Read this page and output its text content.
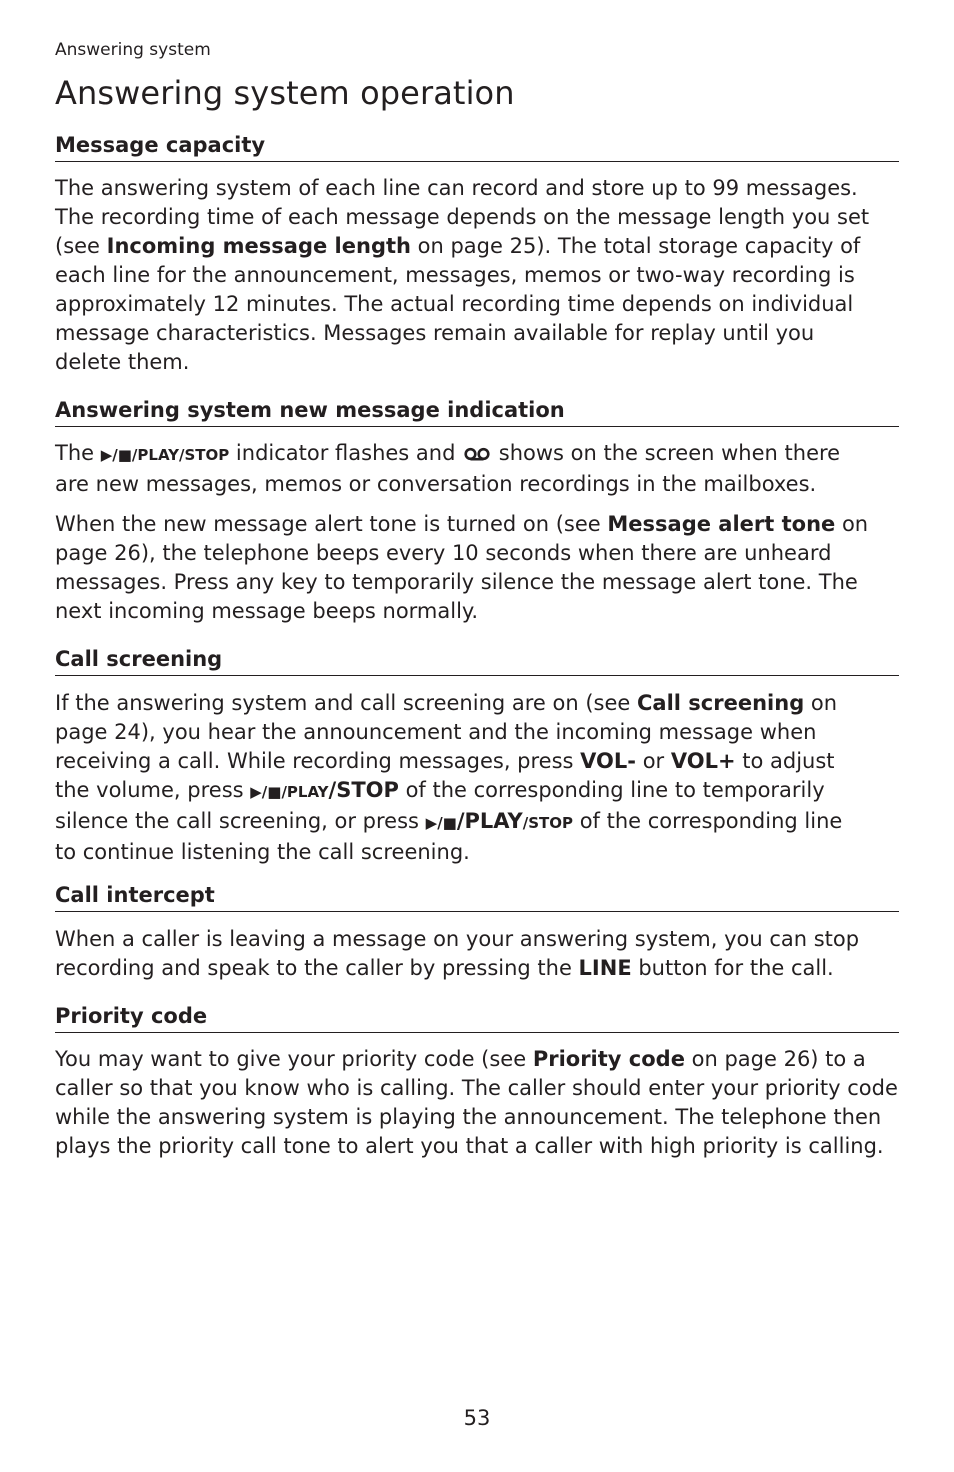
Answering system
Answering system operation
Message capacity
The answering system of each line can record and store up to 99 messages.
The recording time of each message depends on the message length you set
(see Incoming message length on page 25). The total storage capacity of
each line for the announcement, messages, memos or two-way recording is
approximately 12 minutes. The actual recording time depends on individual
message characteristics. Messages remain available for replay until you
delete them.
Answering system new message indication
The ▶/■/PLAY/STOP indicator flashes and  shows on the screen when there
are new messages, memos or conversation recordings in the mailboxes.
When the new message alert tone is turned on (see Message alert tone on
page 26), the telephone beeps every 10 seconds when there are unheard
messages. Press any key to temporarily silence the message alert tone. The
next incoming message beeps normally.
Call screening
If the answering system and call screening are on (see Call screening on
page 24), you hear the announcement and the incoming message when
receiving a call. While recording messages, press VOL- or VOL+ to adjust
the volume, press ▶/■/PLAY/STOP of the corresponding line to temporarily
silence the call screening, or press ▶/■/PLAY/STOP of the corresponding line
to continue listening the call screening.
Call intercept
When a caller is leaving a message on your answering system, you can stop
recording and speak to the caller by pressing the LINE button for the call.
Priority code
You may want to give your priority code (see Priority code on page 26) to a
caller so that you know who is calling. The caller should enter your priority code
while the answering system is playing the announcement. The telephone then
plays the priority call tone to alert you that a caller with high priority is calling.
53
